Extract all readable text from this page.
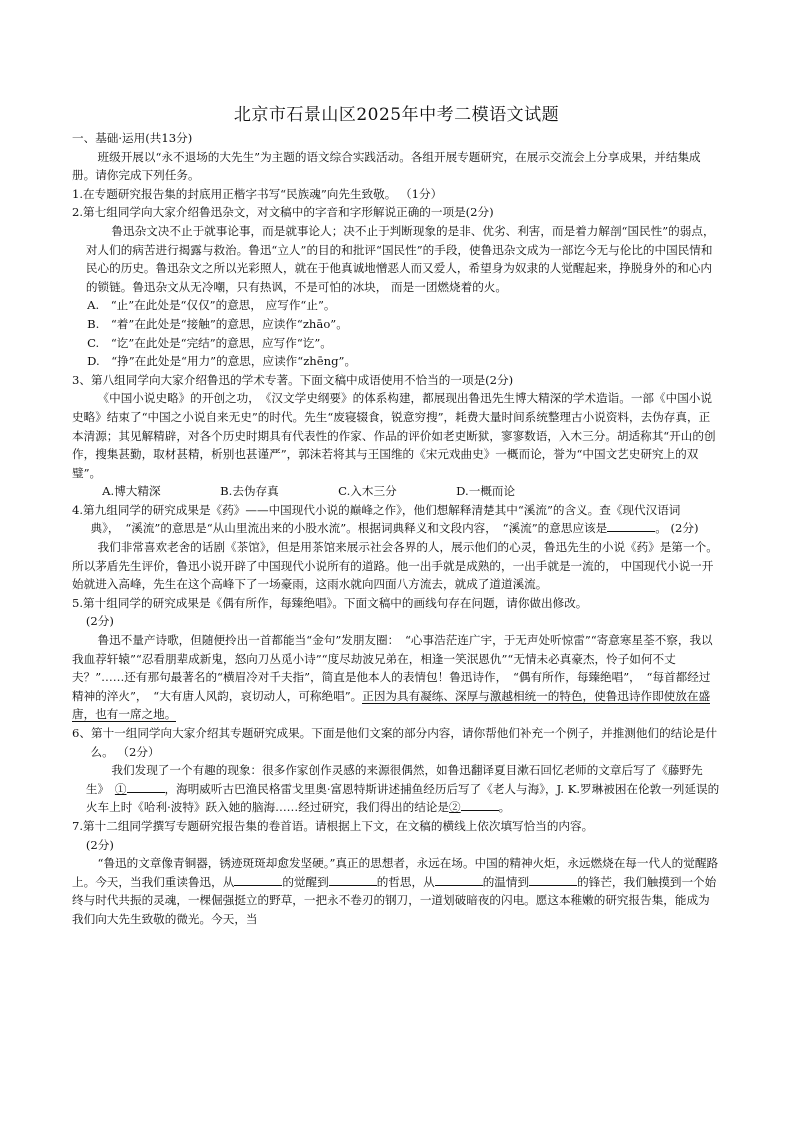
北京市石景山区2025年中考二模语文试题

一、基础·运用(共13分)

班级开展以“永不退场的大先生”为主题的语文综合实践活动。各组开展专题研究，在展示交流会上分享成果，并结集成册。请你完成下列任务。

1.在专题研究报告集的封底用正楷字书写“民族魂”向先生致敬。 （1分）

2.第七组同学向大家介绍鲁迅杂文，对文稿中的字音和字形解说正确的一项是(2分)

鲁迅杂文决不止于就事论事，而是就事论人；决不止于判断现象的是非、优劣、利害，而是着力解剖“国民性”的弱点，对人们的病苦进行揭露与救治。鲁迅“立人”的目的和批评“国民性”的手段，使鲁迅杂文成为一部讫今无与伦比的中国民情和民心的历史。鲁迅杂文之所以光彩照人，就在于他真诚地憎恶人而又爱人，希望身为奴隶的人觉醒起来，挣脱身外的和心内的锁链。鲁迅杂文从无冷嘲，只有热讽，不是可怕的冰块， 而是一团燃烧着的火。

A.　“止”在此处是“仅仅”的意思， 应写作“止”。

B.　“着”在此处是“接触”的意思，应读作“zhāo”。

C.　“讫”在此处是“完结”的意思，应写作“讫”。

D.　“挣”在此处是“用力”的意思，应读作“zhēng”。

3、第八组同学向大家介绍鲁迅的学术专著。下面文稿中成语使用不恰当的一项是(2分)

《中国小说史略》的开创之功，　《汉文学史纲要》的体系构建，都展现出鲁迅先生博大精深的学术造诣。一部《中国小说史略》结束了“中国之小说自来无史”的时代。先生“废寝辍食，锐意穷搜”，耗费大量时间系统整理古小说资料，去伪存真，正本清源；其见解精辟，对各个历史时期具有代表性的作家、作品的评价如老吏断狱，寥寥数语，入木三分。胡适称其“开山的创作，搜集甚勤，取材甚精，析别也甚谨严”，郭沫若将其与王国维的《宋元戏曲史》一概而论，誉为“中国文艺史研究上的双璧”。

A.博大精深	B.去伪存真	C.入木三分	D.一概而论

4.第九组同学的研究成果是《药》——中国现代小说的巅峰之作》，他们想解释清楚其中“溪流”的含义。查《现代汉语词典》，　“溪流”的意思是“从山里流出来的小股水流”。根据词典释义和文段内容，　“溪流”的意思应该是	。 (2分)

我们非常喜欢老舍的话剧《茶馆》，但是用茶馆来展示社会各界的人，展示他们的心灵，鲁迅先生的小说《药》是第一个。所以茅盾先生评价，鲁迅小说开辟了中国现代小说所有的道路。他一出手就是成熟的，一出手就是一流的， 中国现代小说一开始就进入高峰，先生在这个高峰下了一场豪雨，这雨水就向四面八方流去，就成了道道溪流。

5.第十组同学的研究成果是《偶有所作，每臻绝唱》。下面文稿中的画线句存在问题，请你做出修改。

(2分)

鲁迅不量产诗歌，但随便拎出一首都能当“金句”发朋友圈：　“心事浩茫连广宇，于无声处听惊雷”“寄意寒星荃不察，我以我血荐轩辕”“忍看朋辈成新鬼，怒向刀丛觅小诗”“度尽劫波兄弟在，相逢一笑泯恩仇”“无情未必真豪杰，怜子如何不丈夫？”……还有那句最著名的“横眉冷对千夫指”，简直是他本人的表情包！鲁迅诗作，　“偶有所作，每臻绝唱”，　“每首都经过精神的淬火”，　“大有唐人风韵，哀切动人，可称绝唱”。正因为具有凝练、深厚与激越相统一的特色，使鲁迅诗作即使放在盛唐，也有一席之地。

6、第十一组同学向大家介绍其专题研究成果。下面是他们文案的部分内容，请你帮他们补充一个例子，并推测他们的结论是什么。 （2分）

我们发现了一个有趣的现象：很多作家创作灵感的来源很偶然，如鲁迅翻译夏目漱石回忆老师的文章后写了《藤野先生》　 ①	，海明威听古巴渔民格雷戈里奥·富恩特斯讲述捕鱼经历后写了《老人与海》，J. K.罗琳被困在伦敦一列延误的火车上时《哈利·波特》跃入她的脑海……经过研究，我们得出的结论是②	。

7.第十二组同学撰写专题研究报告集的卷首语。请根据上下文，在文稿的横线上依次填写恰当的内容。

(2分)

“鲁迅的文章像青铜器，锈迹斑斑却愈发坚硬。”真正的思想者，永远在场。中国的精神火炬，永远燃烧在每一代人的觉醒路上。今天，当我们重读鲁迅，从	的觉醒到	的哲思，从	的温情到	的锋芒，我们触摸到一个始终与时代共振的灵魂，一棵倔强挺立的野草，一把永不卷刃的钢刀，一道划破暗夜的闪电。愿这本稚嫩的研究报告集，能成为我们向大先生致敬的微光。今天，当
